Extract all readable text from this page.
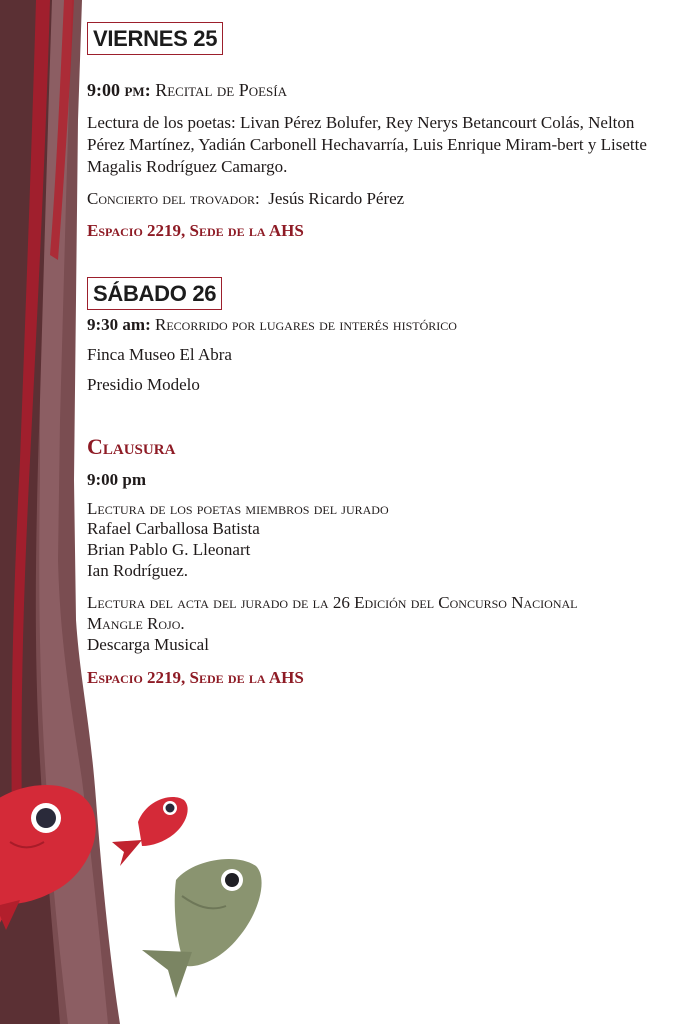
VIERNES 25
9:00 pm: Recital de Poesía
Lectura de los poetas: Livan Pérez Bolufer, Rey Nerys Betancourt Colás, Nelton Pérez Martínez, Yadián Carbonell Hechavarría, Luis Enrique Miram-bert y Lisette Magalis Rodríguez Camargo.
Concierto del trovador: Jesús Ricardo Pérez
Espacio 2219, Sede de la AHS
SÁBADO 26
9:30 am: Recorrido por lugares de interés histórico
Finca Museo El Abra
Presidio Modelo
Clausura
9:00 pm
Lectura de los poetas miembros del jurado
Rafael Carballosa Batista
Brian Pablo G. Lleonart
Ian Rodríguez.
Lectura del acta del jurado de la 26 Edición del Concurso Nacional
Mangle Rojo.
Descarga Musical
Espacio 2219, Sede de la AHS
